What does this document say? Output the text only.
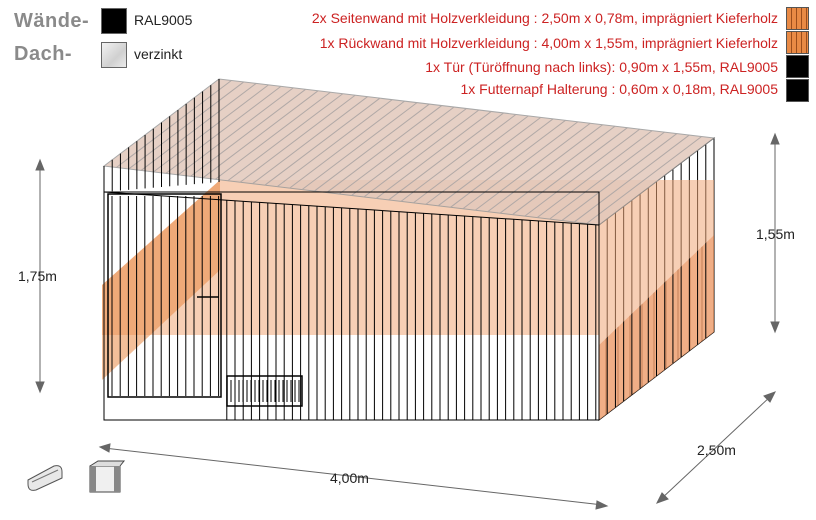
Wände-
Dach-
RAL9005
verzinkt
2x Seitenwand mit Holzverkleidung : 2,50m x 0,78m, imprägniert Kieferholz
1x Rückwand mit Holzverkleidung : 4,00m x 1,55m, imprägniert Kieferholz
1x Tür (Türöffnung nach links): 0,90m x 1,55m, RAL9005
1x Futternapf Halterung : 0,60m x 0,18m, RAL9005
1,75m
1,55m
4,00m
2,50m
